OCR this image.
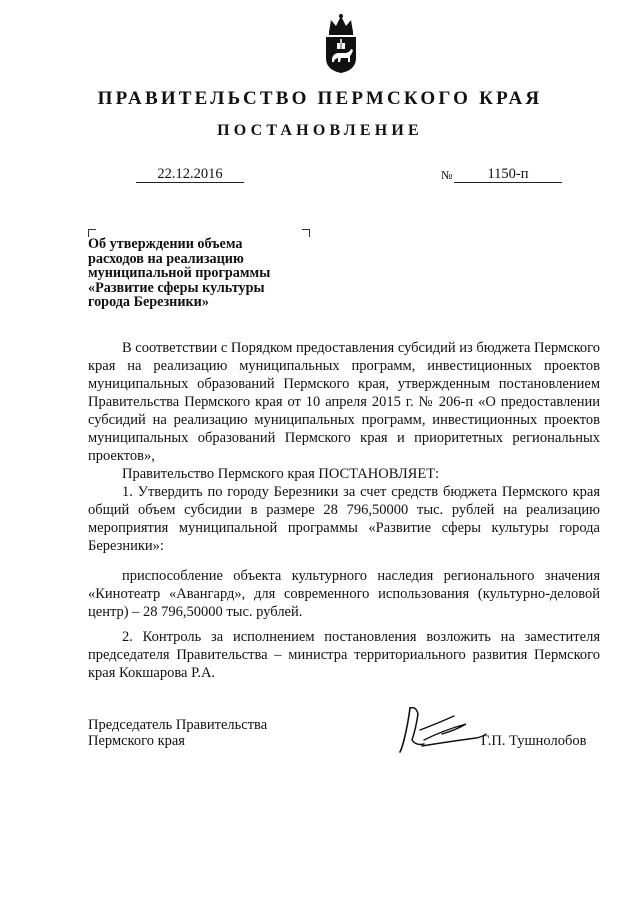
ПРАВИТЕЛЬСТВО ПЕРМСКОГО КРАЯ
ПОСТАНОВЛЕНИЕ
22.12.2016	№	1150-п
Об утверждении объема
расходов на реализацию
муниципальной программы
«Развитие сферы культуры
города Березники»
В соответствии с Порядком предоставления субсидий из бюджета Пермского края на реализацию муниципальных программ, инвестиционных проектов муниципальных образований Пермского края, утвержденным постановлением Правительства Пермского края от 10 апреля 2015 г. № 206-п «О предоставлении субсидий на реализацию муниципальных программ, инвестиционных проектов муниципальных образований Пермского края и приоритетных региональных проектов»,
Правительство Пермского края ПОСТАНОВЛЯЕТ:
1. Утвердить по городу Березники за счет средств бюджета Пермского края общий объем субсидии в размере 28 796,50000 тыс. рублей на реализацию мероприятия муниципальной программы «Развитие сферы культуры города Березники»:
приспособление объекта культурного наследия регионального значения «Кинотеатр «Авангард», для современного использования (культурно-деловой центр) – 28 796,50000 тыс. рублей.
2. Контроль за исполнением постановления возложить на заместителя председателя Правительства – министра территориального развития Пермского края Кокшарова Р.А.
Председатель Правительства
Пермского края	Г.П. Тушнолобов
